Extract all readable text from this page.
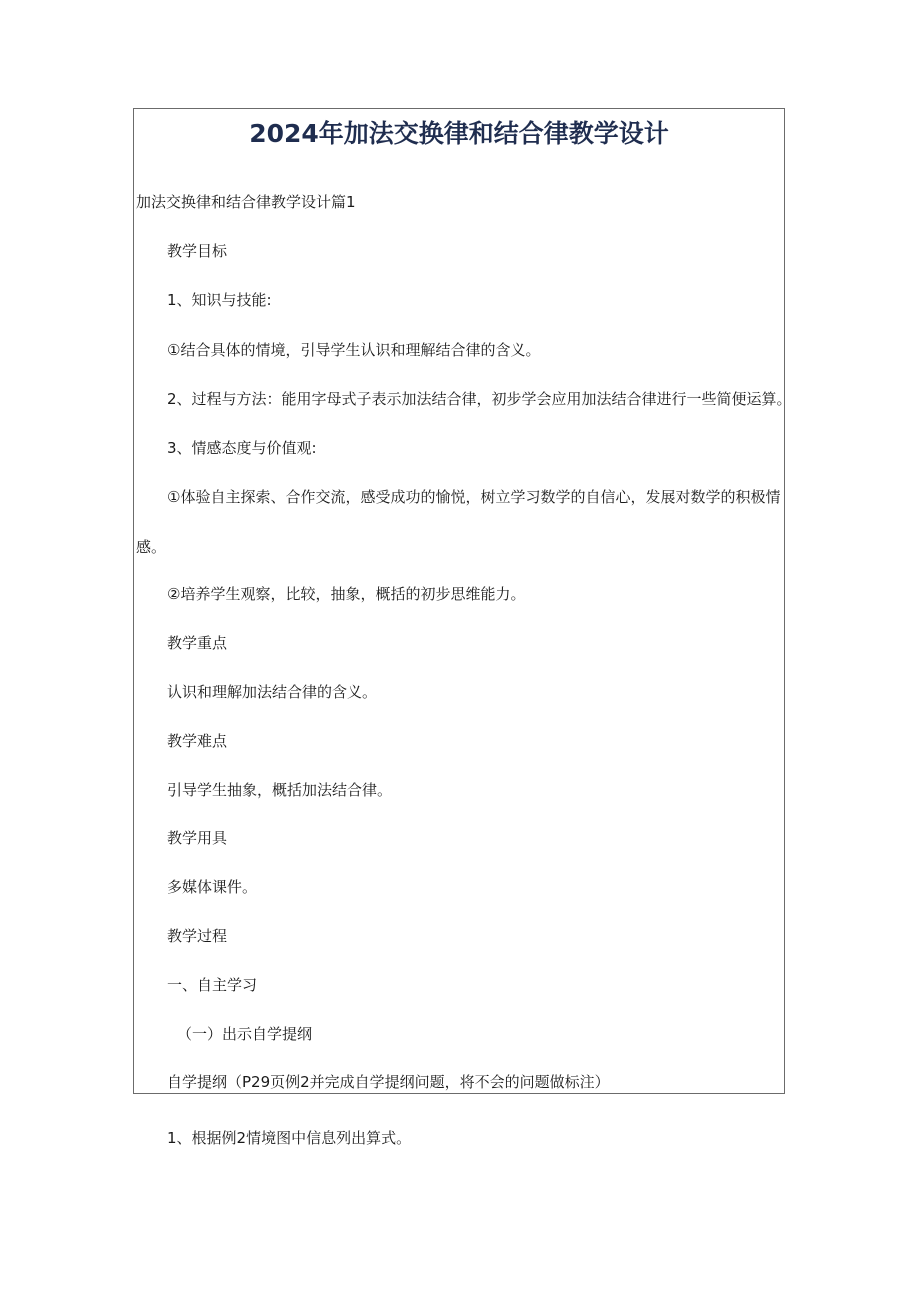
2024年加法交换律和结合律教学设计

加法交换律和结合律教学设计篇1

教学目标

1、知识与技能:

①结合具体的情境，引导学生认识和理解结合律的含义。

2、过程与方法：能用字母式子表示加法结合律，初步学会应用加法结合律进行一些简便运算。

3、情感态度与价值观:

①体验自主探索、合作交流，感受成功的愉悦，树立学习数学的自信心，发展对数学的积极情

感。

②培养学生观察，比较，抽象，概括的初步思维能力。

教学重点

认识和理解加法结合律的含义。

教学难点

引导学生抽象，概括加法结合律。

教学用具

多媒体课件。

教学过程

一、自主学习

（一）出示自学提纲

自学提纲（P29页例2并完成自学提纲问题，将不会的问题做标注）

1、根据例2情境图中信息列出算式。
